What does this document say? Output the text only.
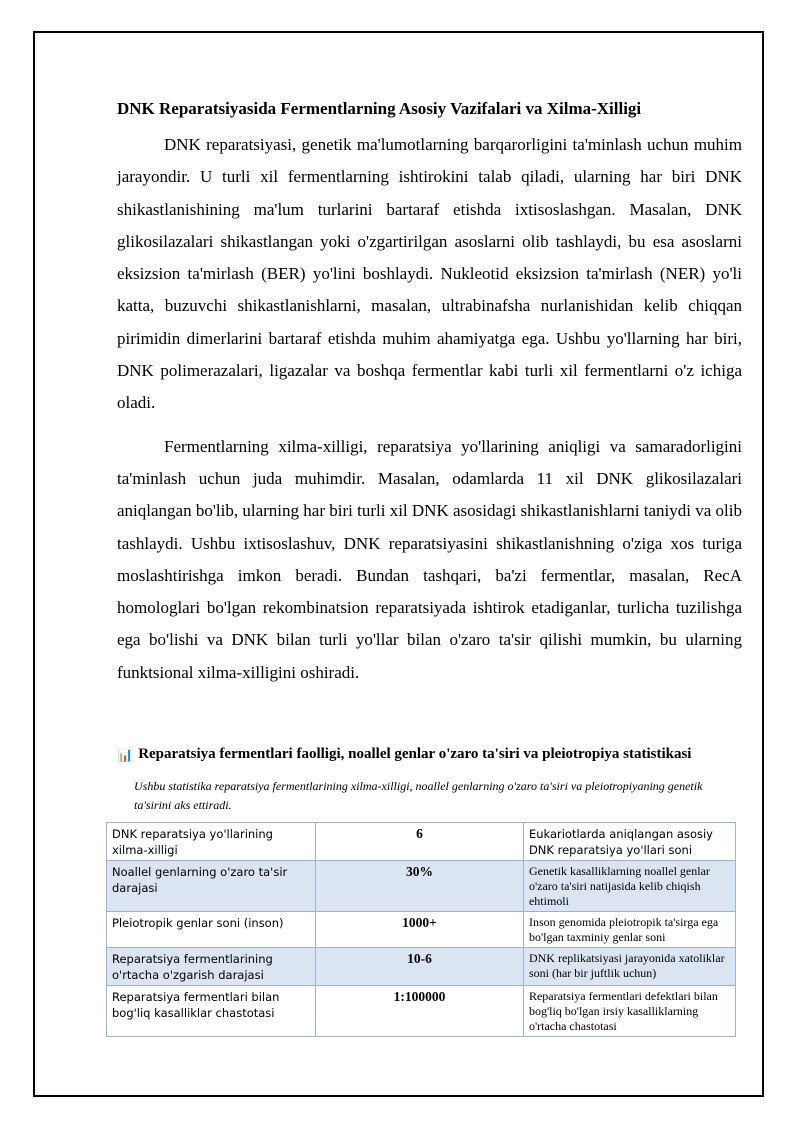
DNK Reparatsiyasida Fermentlarning Asosiy Vazifalari va Xilma-Xilligi

DNK reparatsiyasi, genetik ma'lumotlarning barqarorligini ta'minlash uchun muhim jarayondir. U turli xil fermentlarning ishtirokini talab qiladi, ularning har biri DNK shikastlanishining ma'lum turlarini bartaraf etishda ixtisoslashgan. Masalan, DNK glikosilazalari shikastlangan yoki o'zgartirilgan asoslarni olib tashlaydi, bu esa asoslarni eksizsion ta'mirlash (BER) yo'lini boshlaydi. Nukleotid eksizsion ta'mirlash (NER) yo'li katta, buzuvchi shikastlanishlarni, masalan, ultrabinafsha nurlanishidan kelib chiqqan pirimidin dimerlarini bartaraf etishda muhim ahamiyatga ega. Ushbu yo'llarning har biri, DNK polimerazalari, ligazalar va boshqa fermentlar kabi turli xil fermentlarni o'z ichiga oladi.

Fermentlarning xilma-xilligi, reparatsiya yo'llarining aniqligi va samaradorligini ta'minlash uchun juda muhimdir. Masalan, odamlarda 11 xil DNK glikosilazalari aniqlangan bo'lib, ularning har biri turli xil DNK asosidagi shikastlanishlarni taniydi va olib tashlaydi. Ushbu ixtisoslashuv, DNK reparatsiyasini shikastlanishning o'ziga xos turiga moslashtirishga imkon beradi. Bundan tashqari, ba'zi fermentlar, masalan, RecA homologlari bo'lgan rekombinatsion reparatsiyada ishtirok etadiganlar, turlicha tuzilishga ega bo'lishi va DNK bilan turli yo'llar bilan o'zaro ta'sir qilishi mumkin, bu ularning funktsional xilma-xilligini oshiradi.

📊 Reparatsiya fermentlari faolligi, noallel genlar o'zaro ta'siri va pleiotropiya statistikasi
Ushbu statistika reparatsiya fermentlarining xilma-xilligi, noallel genlarning o'zaro ta'siri va pleiotropiyaning genetik ta'sirini aks ettiradi.
DNK reparatsiya yo'llarining xilma-xilligi	6	Eukariotlarda aniqlangan asosiy DNK reparatsiya yo'llari soni
Noallel genlarning o'zaro ta'sir darajasi	30%	Genetik kasalliklarning noallel genlar o'zaro ta'siri natijasida kelib chiqish ehtimoli
Pleiotropik genlar soni (inson)	1000+	Inson genomida pleiotropik ta'sirga ega bo'lgan taxminiy genlar soni
Reparatsiya fermentlarining o'rtacha o'zgarish darajasi	10-6	DNK replikatsiyasi jarayonida xatoliklar soni (har bir juftlik uchun)
Reparatsiya fermentlari bilan bog'liq kasalliklar chastotasi	1:100000	Reparatsiya fermentlari defektlari bilan bog'liq bo'lgan irsiy kasalliklarning o'rtacha chastotasi
